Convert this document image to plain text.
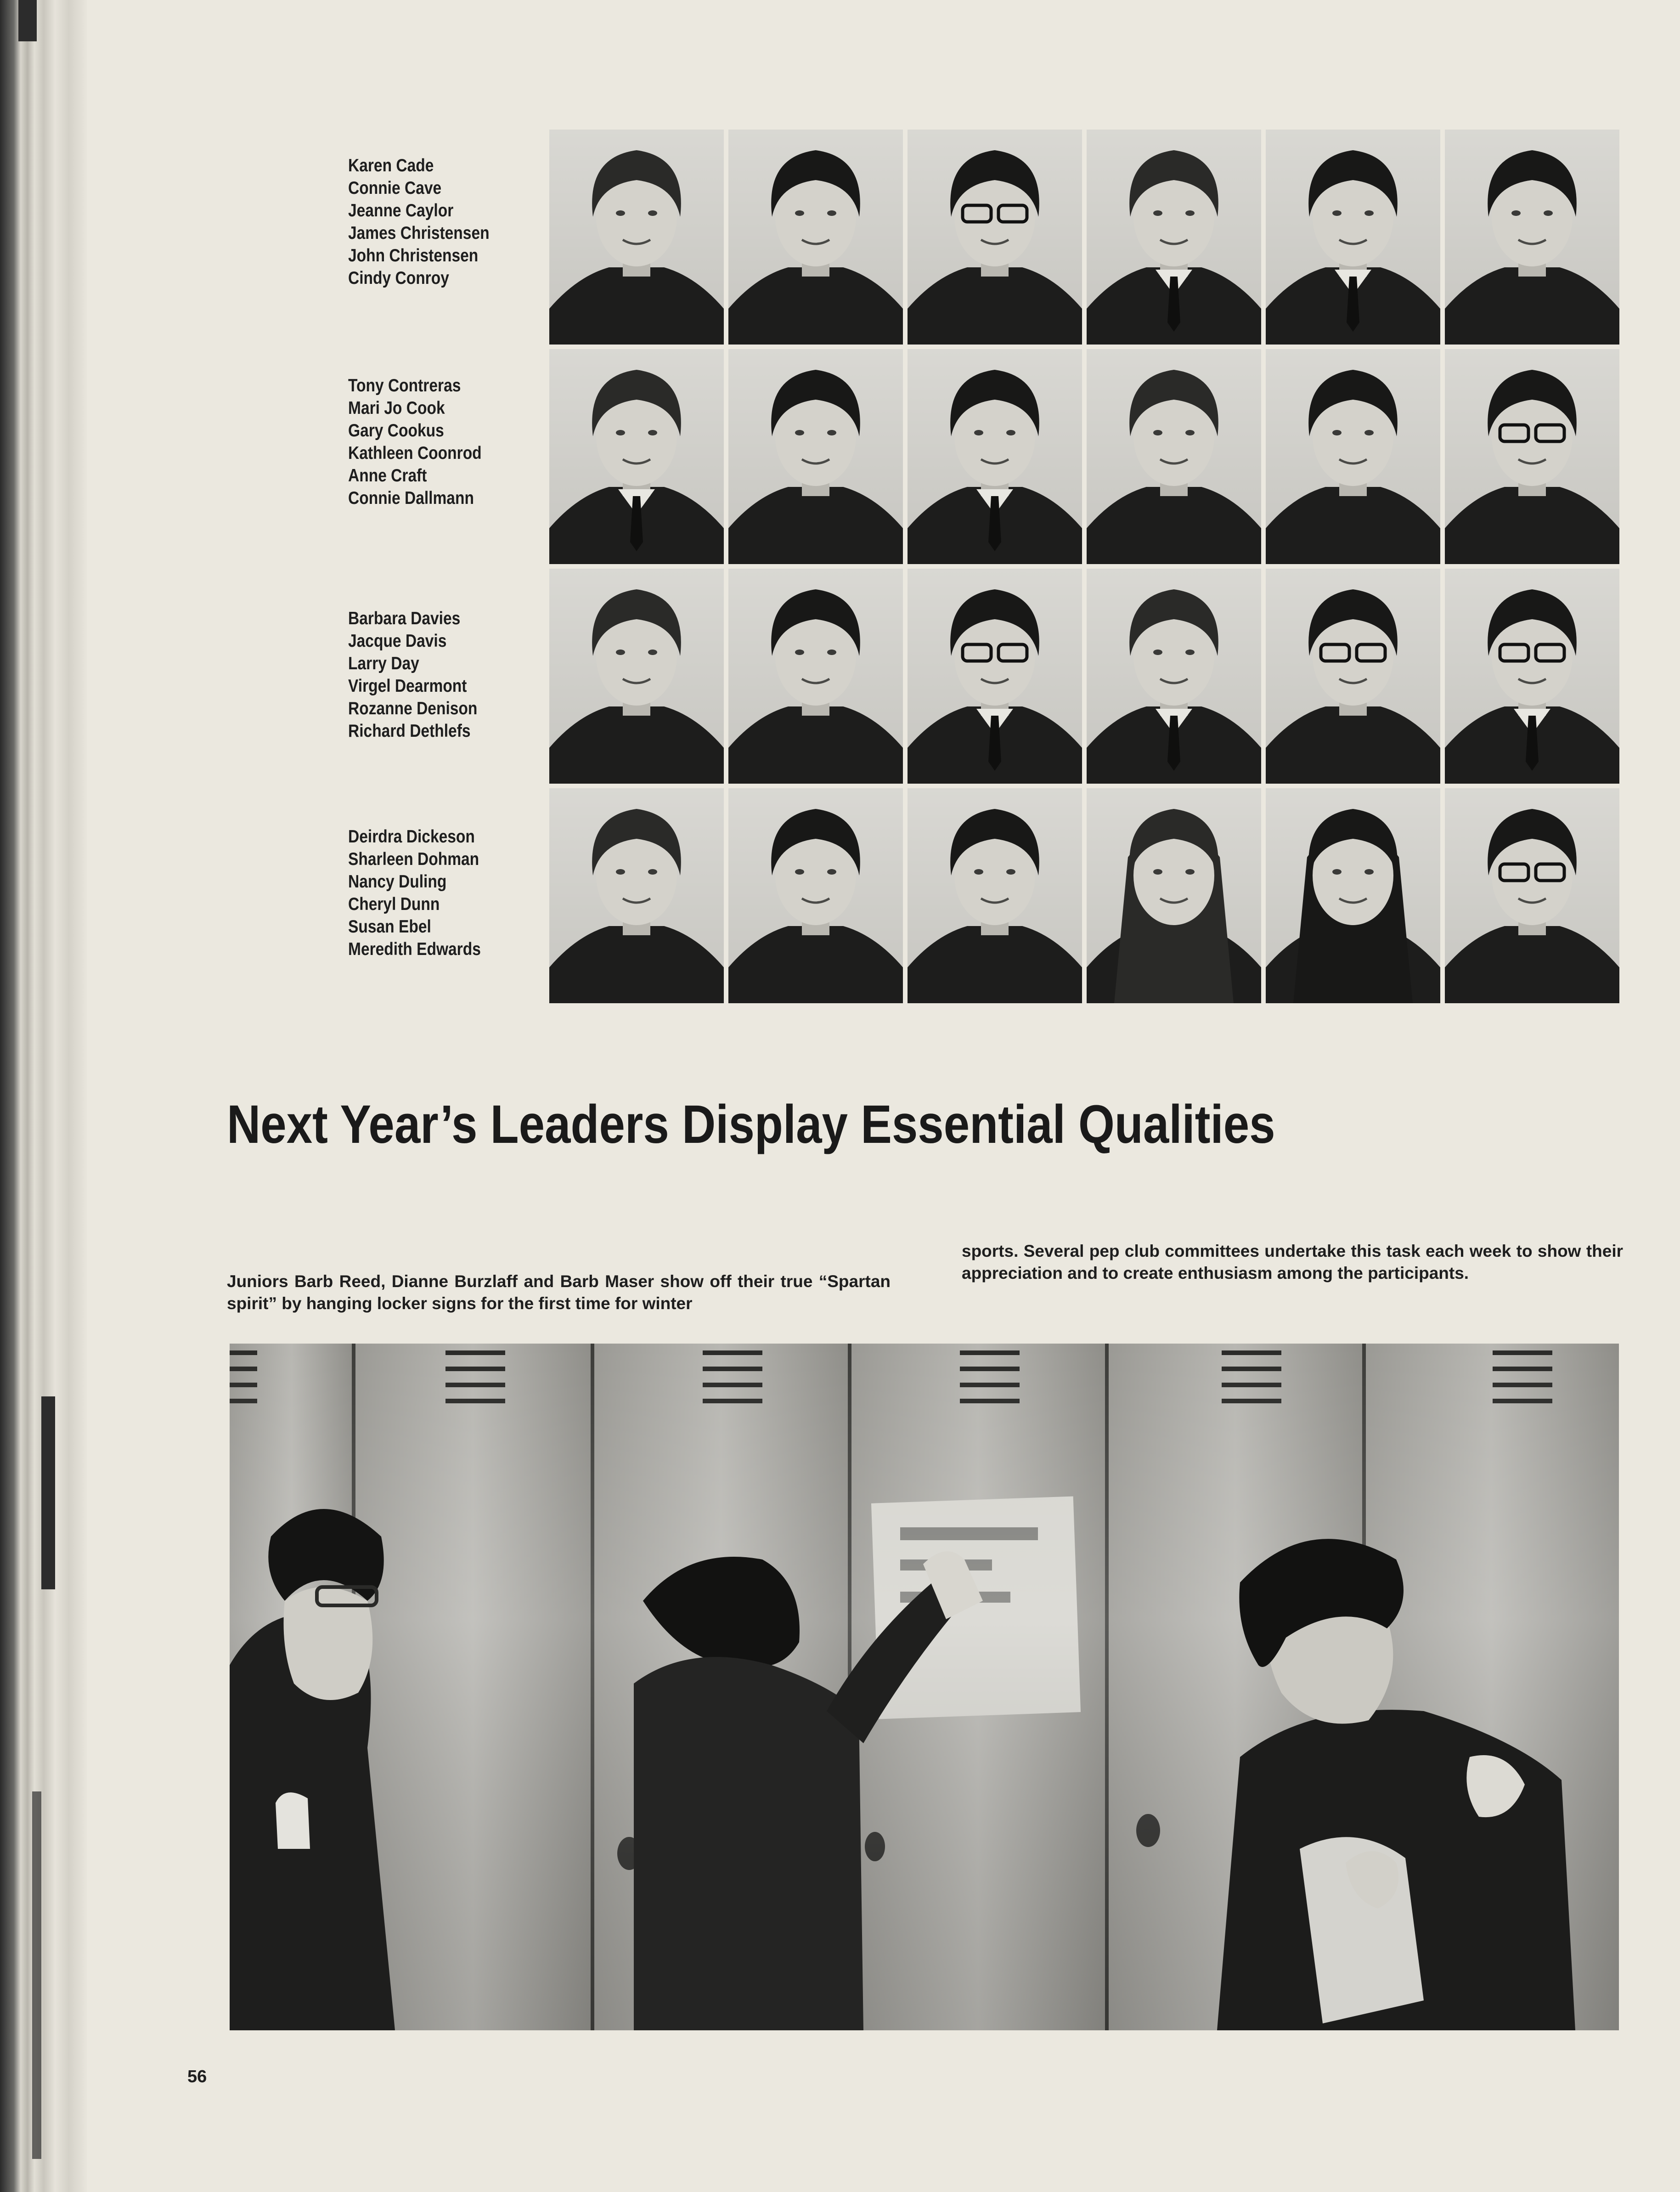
Karen Cade
Connie Cave
Jeanne Caylor
James Christensen
John Christensen
Cindy Conroy
Tony Contreras
Mari Jo Cook
Gary Cookus
Kathleen Coonrod
Anne Craft
Connie Dallmann
Barbara Davies
Jacque Davis
Larry Day
Virgel Dearmont
Rozanne Denison
Richard Dethlefs
Deirdra Dickeson
Sharleen Dohman
Nancy Duling
Cheryl Dunn
Susan Ebel
Meredith Edwards
Next Year’s Leaders Display Essential Qualities
Juniors Barb Reed, Dianne Burzlaff and Barb Maser show off their true “Spartan spirit” by hanging locker signs for the first time for winter
sports. Several pep club committees undertake this task each week to show their appreciation and to create enthusiasm among the participants.
56
